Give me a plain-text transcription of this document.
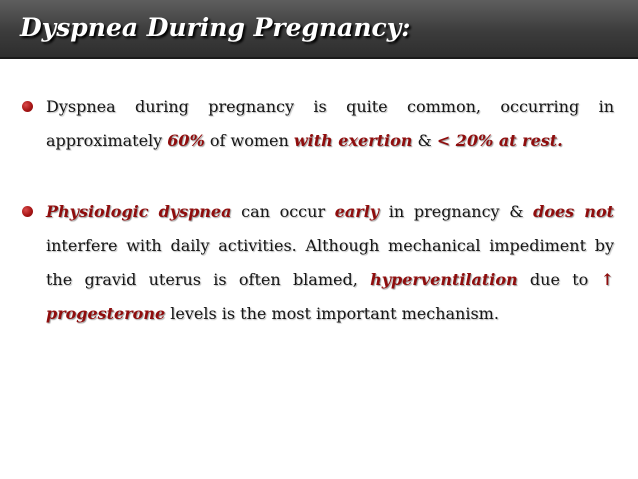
Dyspnea During Pregnancy:

Dyspnea during pregnancy is quite common, occurring in approximately 60% of women with exertion & < 20% at rest.

Physiologic dyspnea can occur early in pregnancy & does not interfere with daily activities. Although mechanical impediment by the gravid uterus is often blamed, hyperventilation due to ↑ progesterone levels is the most important mechanism.
